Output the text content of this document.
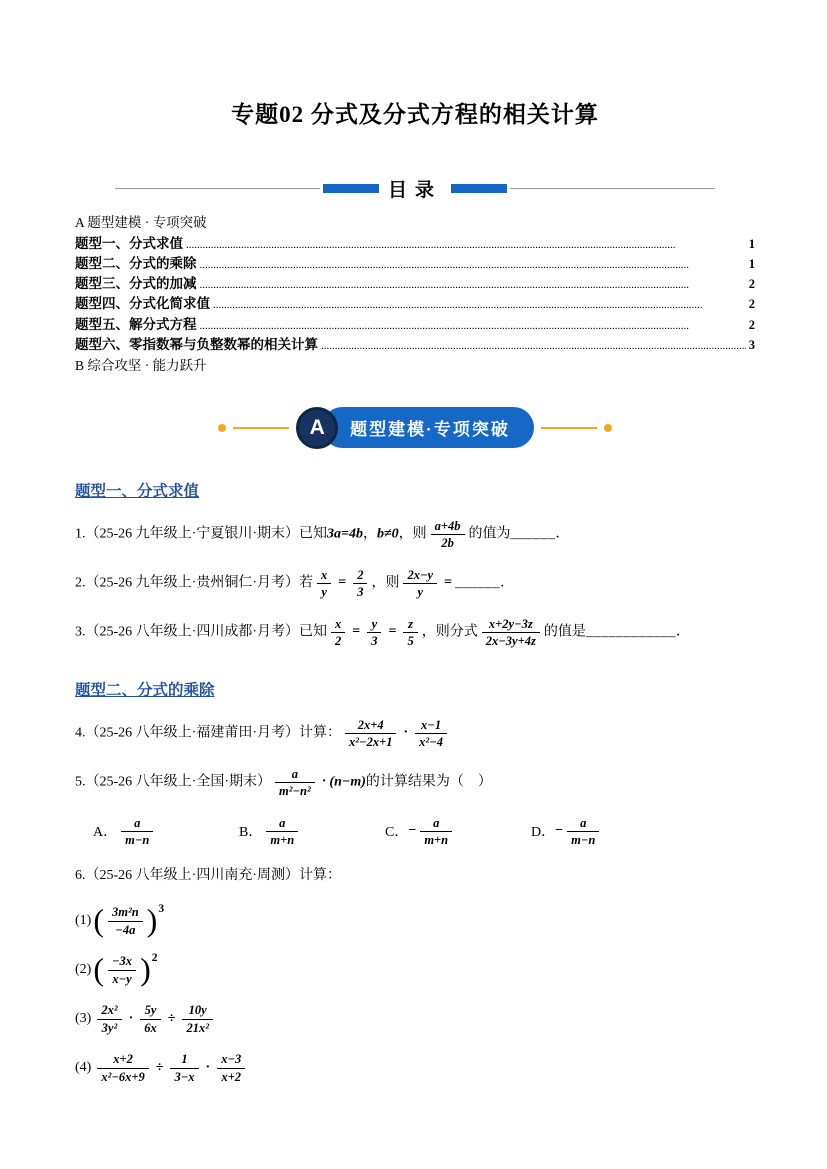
专题02 分式及分式方程的相关计算
目录
A 题型建模 · 专项突破
题型一、分式求值 .....	1
题型二、分式的乘除 .....	1
题型三、分式的加减 .....	2
题型四、分式化简求值 .....	2
题型五、解分式方程 .....	2
题型六、零指数幂与负整数幂的相关计算 .....	3
B 综合攻坚 · 能力跃升
A	题型建模·专项突破
题型一、分式求值
1.（25-26 九年级上·宁夏银川·期末）已知3a=4b，b≠0，则 $\frac{a+4b}{2b}$ 的值为______．
2.（25-26 九年级上·贵州铜仁·月考）若 $\frac{x}{y} = \frac{2}{3}$ ，则 $\frac{2x-y}{y}$ = ______．
3.（25-26 八年级上·四川成都·月考）已知 $\frac{x}{2} = \frac{y}{3} = \frac{z}{5}$ ，则分式 $\frac{x+2y-3z}{2x-3y+4z}$ 的值是____________．
题型二、分式的乘除
4.（25-26 八年级上·福建莆田·月考）计算： $\frac{2x+4}{\text{x²−2x+1}} \cdot \frac{x-1}{\text{x²−4}}$
5.（25-26 八年级上·全国·期末） $\frac{a}{\text{m²−n²}} \cdot (n-m)$的计算结果为（　）
A． $\frac{a}{m-n}$	B． $\frac{a}{m+n}$	C． − $\frac{a}{m+n}$	D． − $\frac{a}{m-n}$
6.（25-26 八年级上·四川南充·周测）计算：
$(1)( \frac{\text{3m²n}}{-4a} )^3$
$(2)( \frac{-3x}{x-y} )^2$
$(3) \frac{\text{2x²}}{\text{3y²}} \cdot \frac{5y}{6x} \div \frac{10y}{\text{21x²}}$
$(4) \frac{x+2}{\text{x²−6x+9}} \div \frac{1}{3-x} \cdot \frac{x-3}{x+2}$
